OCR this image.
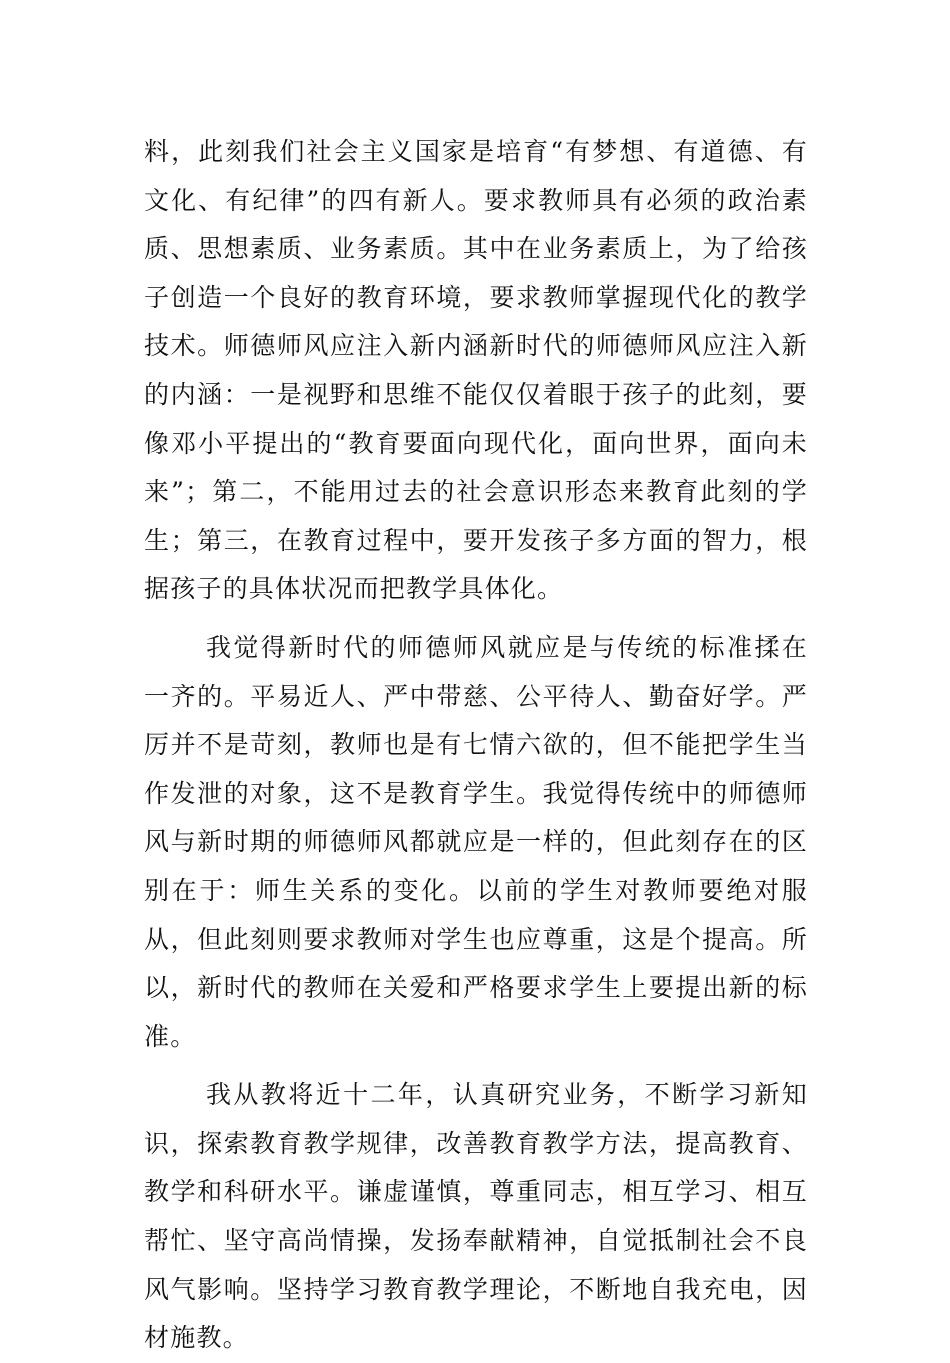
料，此刻我们社会主义国家是培育“有梦想、有道德、有文化、有纪律”的四有新人。要求教师具有必须的政治素质、思想素质、业务素质。其中在业务素质上，为了给孩子创造一个良好的教育环境，要求教师掌握现代化的教学技术。师德师风应注入新内涵新时代的师德师风应注入新的内涵：一是视野和思维不能仅仅着眼于孩子的此刻，要像邓小平提出的“教育要面向现代化，面向世界，面向未来”；第二，不能用过去的社会意识形态来教育此刻的学生；第三，在教育过程中，要开发孩子多方面的智力，根据孩子的具体状况而把教学具体化。

我觉得新时代的师德师风就应是与传统的标准揉在一齐的。平易近人、严中带慈、公平待人、勤奋好学。严厉并不是苛刻，教师也是有七情六欲的，但不能把学生当作发泄的对象，这不是教育学生。我觉得传统中的师德师风与新时期的师德师风都就应是一样的，但此刻存在的区别在于：师生关系的变化。以前的学生对教师要绝对服从，但此刻则要求教师对学生也应尊重，这是个提高。所以，新时代的教师在关爱和严格要求学生上要提出新的标准。

我从教将近十二年，认真研究业务，不断学习新知识，探索教育教学规律，改善教育教学方法，提高教育、教学和科研水平。谦虚谨慎，尊重同志，相互学习、相互帮忙、坚守高尚情操，发扬奉献精神，自觉抵制社会不良风气影响。坚持学习教育教学理论，不断地自我充电，因材施教。
